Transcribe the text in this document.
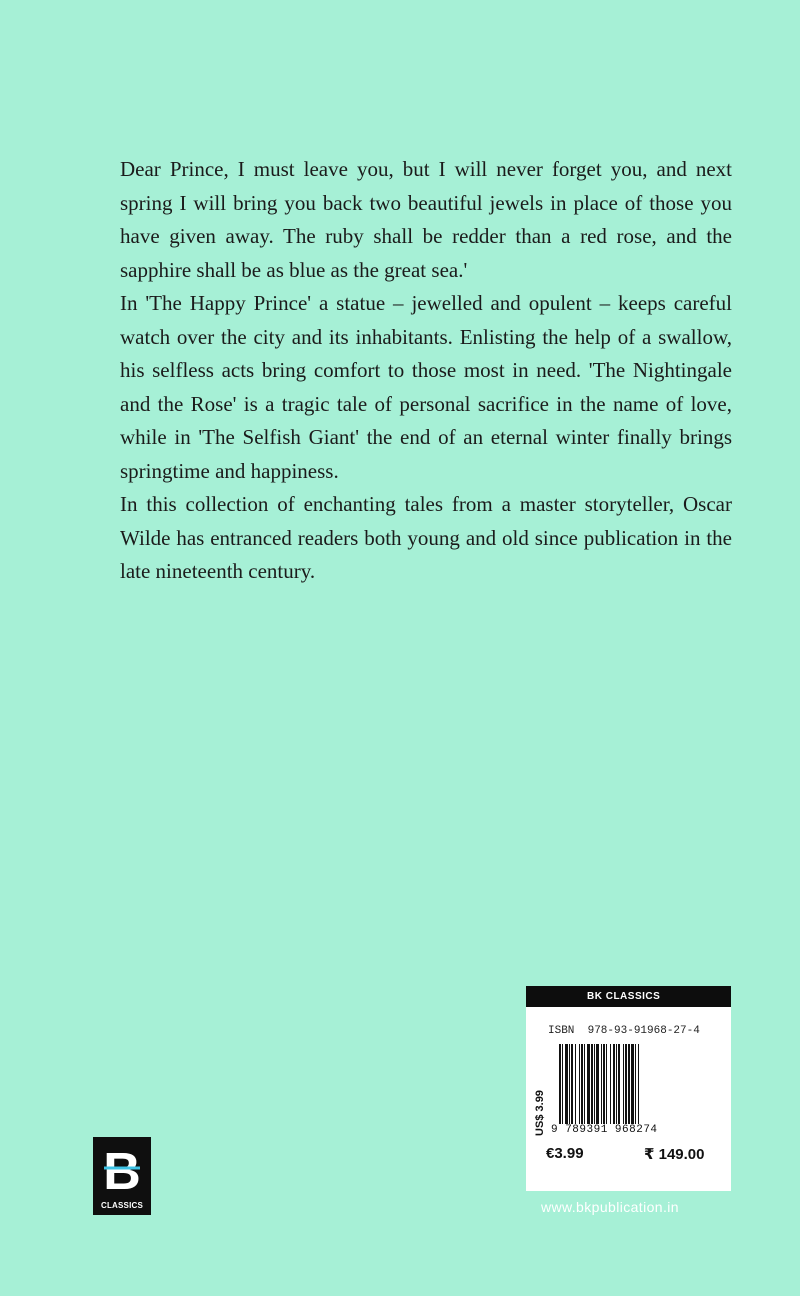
Dear Prince, I must leave you, but I will never forget you, and next spring I will bring you back two beautiful jewels in place of those you have given away. The ruby shall be redder than a red rose, and the sapphire shall be as blue as the great sea.'

In 'The Happy Prince' a statue – jewelled and opulent – keeps careful watch over the city and its inhabitants. Enlisting the help of a swallow, his selfless acts bring comfort to those most in need. 'The Nightingale and the Rose' is a tragic tale of personal sacrifice in the name of love, while in 'The Selfish Giant' the end of an eternal winter finally brings springtime and happiness.

In this collection of enchanting tales from a master storyteller, Oscar Wilde has entranced readers both young and old since publication in the late nineteenth century.

B
CLASSICS
BK CLASSICS
ISBN 978-93-91968-27-4
US$ 3.99 9 789391 968274
€3.99	₹ 149.00
www.bkpublication.in
